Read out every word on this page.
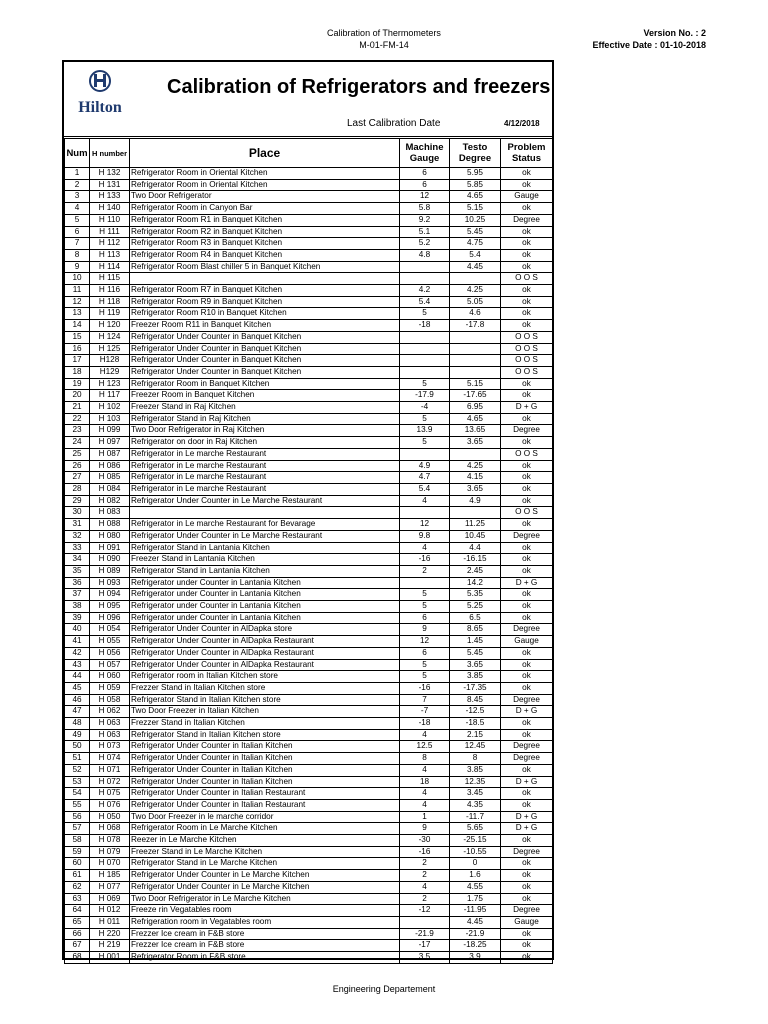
Calibration of Thermometers
M-01-FM-14
Version No. : 2
Effective Date : 01-10-2018
Hilton
Calibration of Refrigerators and freezers
Last Calibration Date	4/12/2018
Num	H number	Place	Machine Gauge	Testo Degree	Problem Status
1	H 132	Refrigerator Room in Oriental Kitchen	6	5.95	ok
2	H 131	Refrigerator Room in Oriental Kitchen	6	5.85	ok
3	H 133	Two Door Refrigerator	12	4.65	Gauge
4	H 140	Refrigerator Room in Canyon Bar	5.8	5.15	ok
5	H 110	Refrigerator Room R1 in Banquet Kitchen	9.2	10.25	Degree
6	H 111	Refrigerator Room R2 in Banquet Kitchen	5.1	5.45	ok
7	H 112	Refrigerator Room R3 in Banquet Kitchen	5.2	4.75	ok
8	H 113	Refrigerator Room R4 in Banquet Kitchen	4.8	5.4	ok
9	H 114	Refrigerator Room Blast chiller 5 in Banquet Kitchen		4.45	ok
10	H 115				O O S
11	H 116	Refrigerator Room R7 in Banquet Kitchen	4.2	4.25	ok
12	H 118	Refrigerator Room R9 in Banquet Kitchen	5.4	5.05	ok
13	H 119	Refrigerator Room R10 in Banquet Kitchen	5	4.6	ok
14	H 120	Freezer Room R11 in Banquet Kitchen	-18	-17.8	ok
15	H 124	Refrigerator Under Counter in Banquet Kitchen			O O S
16	H 125	Refrigerator Under Counter in Banquet Kitchen			O O S
17	H128	Refrigerator Under Counter in Banquet Kitchen			O O S
18	H129	Refrigerator Under Counter in Banquet Kitchen			O O S
19	H 123	Refrigerator Room in Banquet Kitchen	5	5.15	ok
20	H 117	Freezer Room in Banquet Kitchen	-17.9	-17.65	ok
21	H 102	Freezer Stand in Raj Kitchen	-4	6.95	D + G
22	H 103	Refrigerator Stand in Raj Kitchen	5	4.65	ok
23	H 099	Two Door Refrigerator in Raj Kitchen	13.9	13.65	Degree
24	H 097	Refrigerator on door in Raj Kitchen	5	3.65	ok
25	H 087	Refrigerator in Le marche Restaurant			O O S
26	H 086	Refrigerator in Le marche Restaurant	4.9	4.25	ok
27	H 085	Refrigerator in Le marche Restaurant	4.7	4.15	ok
28	H 084	Refrigerator in Le marche Restaurant	5.4	3.65	ok
29	H 082	Refrigerator Under Counter in Le Marche Restaurant	4	4.9	ok
30	H 083				O O S
31	H 088	Refrigerator in Le marche Restaurant for Bevarage	12	11.25	ok
32	H 080	Refrigerator Under Counter in Le Marche Restaurant	9.8	10.45	Degree
33	H 091	Refrigerator Stand in Lantania Kitchen	4	4.4	ok
34	H 090	Freezer Stand in Lantania Kitchen	-16	-16.15	ok
35	H 089	Refrigerator Stand in Lantania Kitchen	2	2.45	ok
36	H 093	Refrigerator under Counter in Lantania Kitchen		14.2	D + G
37	H 094	Refrigerator under Counter in Lantania Kitchen	5	5.35	ok
38	H 095	Refrigerator under Counter in Lantania Kitchen	5	5.25	ok
39	H 096	Refrigerator under Counter in Lantania Kitchen	6	6.5	ok
40	H 054	Refrigerator Under Counter in AlDapka store	9	8.65	Degree
41	H 055	Refrigerator Under Counter in AlDapka Restaurant	12	1.45	Gauge
42	H 056	Refrigerator Under Counter in AlDapka Restaurant	6	5.45	ok
43	H 057	Refrigerator Under Counter in AlDapka Restaurant	5	3.65	ok
44	H 060	Refrigerator room in Italian Kitchen store	5	3.85	ok
45	H 059	Frezzer Stand in Italian Kitchen store	-16	-17.35	ok
46	H 058	Refrigerator Stand in Italian Kitchen store	7	8.45	Degree
47	H 062	Two Door Freezer in Italian Kitchen	-7	-12.5	D + G
48	H 063	Frezzer Stand in Italian Kitchen	-18	-18.5	ok
49	H 063	Refrigerator Stand in Italian Kitchen store	4	2.15	ok
50	H 073	Refrigerator Under Counter in Italian Kitchen	12.5	12.45	Degree
51	H 074	Refrigerator Under Counter in Italian Kitchen	8	8	Degree
52	H 071	Refrigerator Under Counter in Italian Kitchen	4	3.85	ok
53	H 072	Refrigerator Under Counter in Italian Kitchen	18	12.35	D + G
54	H 075	Refrigerator Under Counter in Italian Restaurant	4	3.45	ok
55	H 076	Refrigerator Under Counter in Italian Restaurant	4	4.35	ok
56	H 050	Two Door Freezer in le marche corridor	1	-11.7	D + G
57	H 068	Refrigerator Room in Le Marche Kitchen	9	5.65	D + G
58	H 078	Reezer in Le Marche Kitchen	-30	-25.15	ok
59	H 079	Freezer Stand in Le Marche Kitchen	-16	-10.55	Degree
60	H 070	Refrigerator Stand in Le Marche Kitchen	2	0	ok
61	H 185	Refrigerator Under Counter in Le Marche Kitchen	2	1.6	ok
62	H 077	Refrigerator Under Counter in Le Marche Kitchen	4	4.55	ok
63	H 069	Two Door Refrigerator in Le Marche Kitchen	2	1.75	ok
64	H 012	Freeze rin Vegatables room	-12	-11.95	Degree
65	H 011	Refrigeration room in Vegatables room		4.45	Gauge
66	H 220	Frezzer Ice cream in F&B store	-21.9	-21.9	ok
67	H 219	Frezzer Ice cream in F&B store	-17	-18.25	ok
68	H 001	Refrigerator Room in F&B store	3.5	3.9	ok
Engineering Departement
